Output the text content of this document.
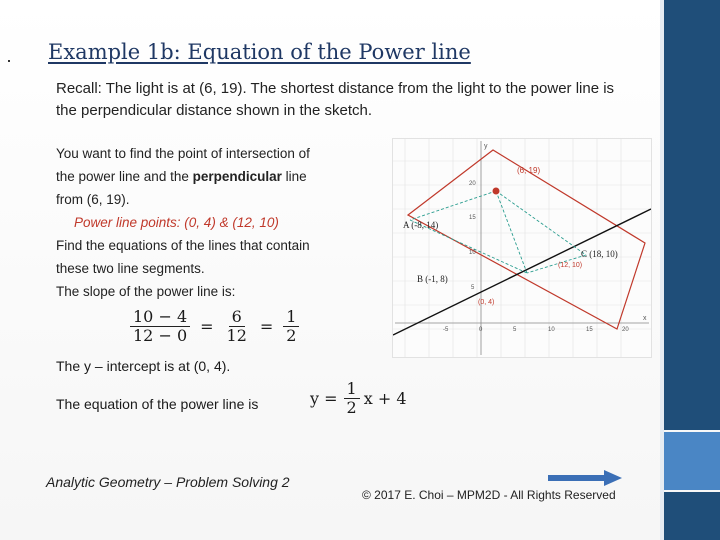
Example 1b: Equation of the Power line
Recall: The light is at (6, 19). The shortest distance from the light to the power line is the perpendicular distance shown in the sketch.
You want to find the point of intersection of
the power line and the perpendicular line
from (6, 19).
Power line points: (0, 4) & (12, 10)
Find the equations of the lines that contain
these two line segments.
The slope of the power line is:
$\frac{10 - 4}{12 - 0} = \frac{6}{12} = \frac{1}{2}$
The y – intercept is at (0, 4).
The equation of the power line is	$y = \frac{1}{2}$ x + 4
(6, 19)
A (-8, 14)
B (-1, 8)
C (18, 10)
(12, 10)
(0, 4)
y
x
20
15
10
5
-5	0	5	10	15	20
Analytic Geometry – Problem Solving 2
© 2017 E. Choi – MPM2D - All Rights Reserved
